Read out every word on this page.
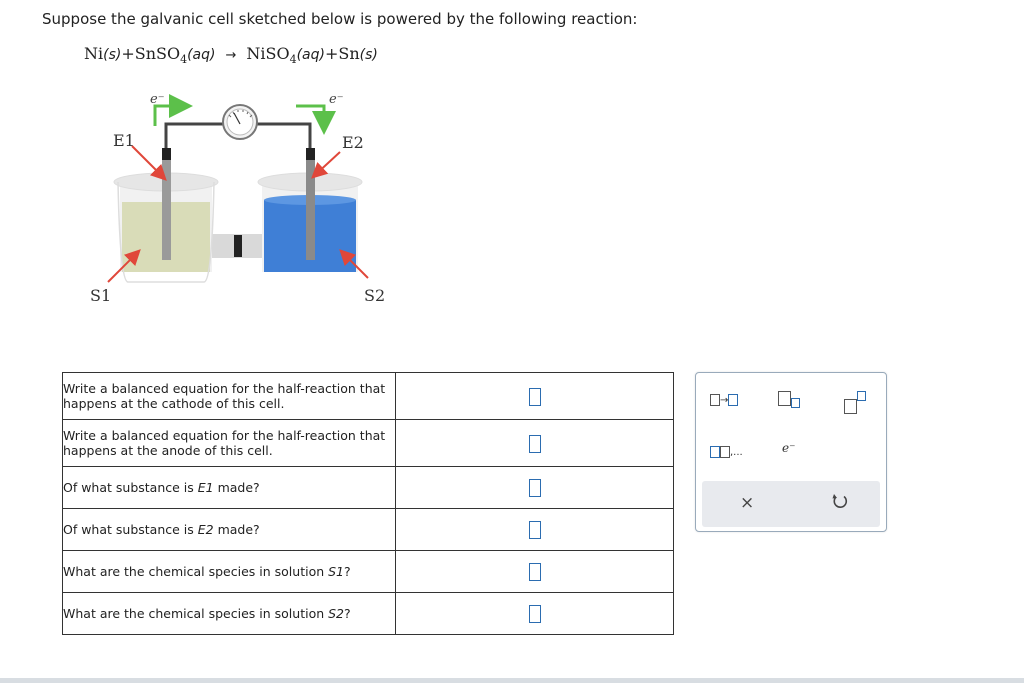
Suppose the galvanic cell sketched below is powered by the following reaction:
Ni(s)+SnSO$_4$(aq) → NiSO$_4$(aq)+Sn(s)
e⁻	e⁻
E1	E2
S1	S2
Write a balanced equation for the half-reaction that happens at the cathode of this cell.	
Write a balanced equation for the half-reaction that happens at the anode of this cell.	
Of what substance is E1 made?	
Of what substance is E2 made?	
What are the chemical species in solution S1?	
What are the chemical species in solution S2?	
→
,...	e⁻
×
